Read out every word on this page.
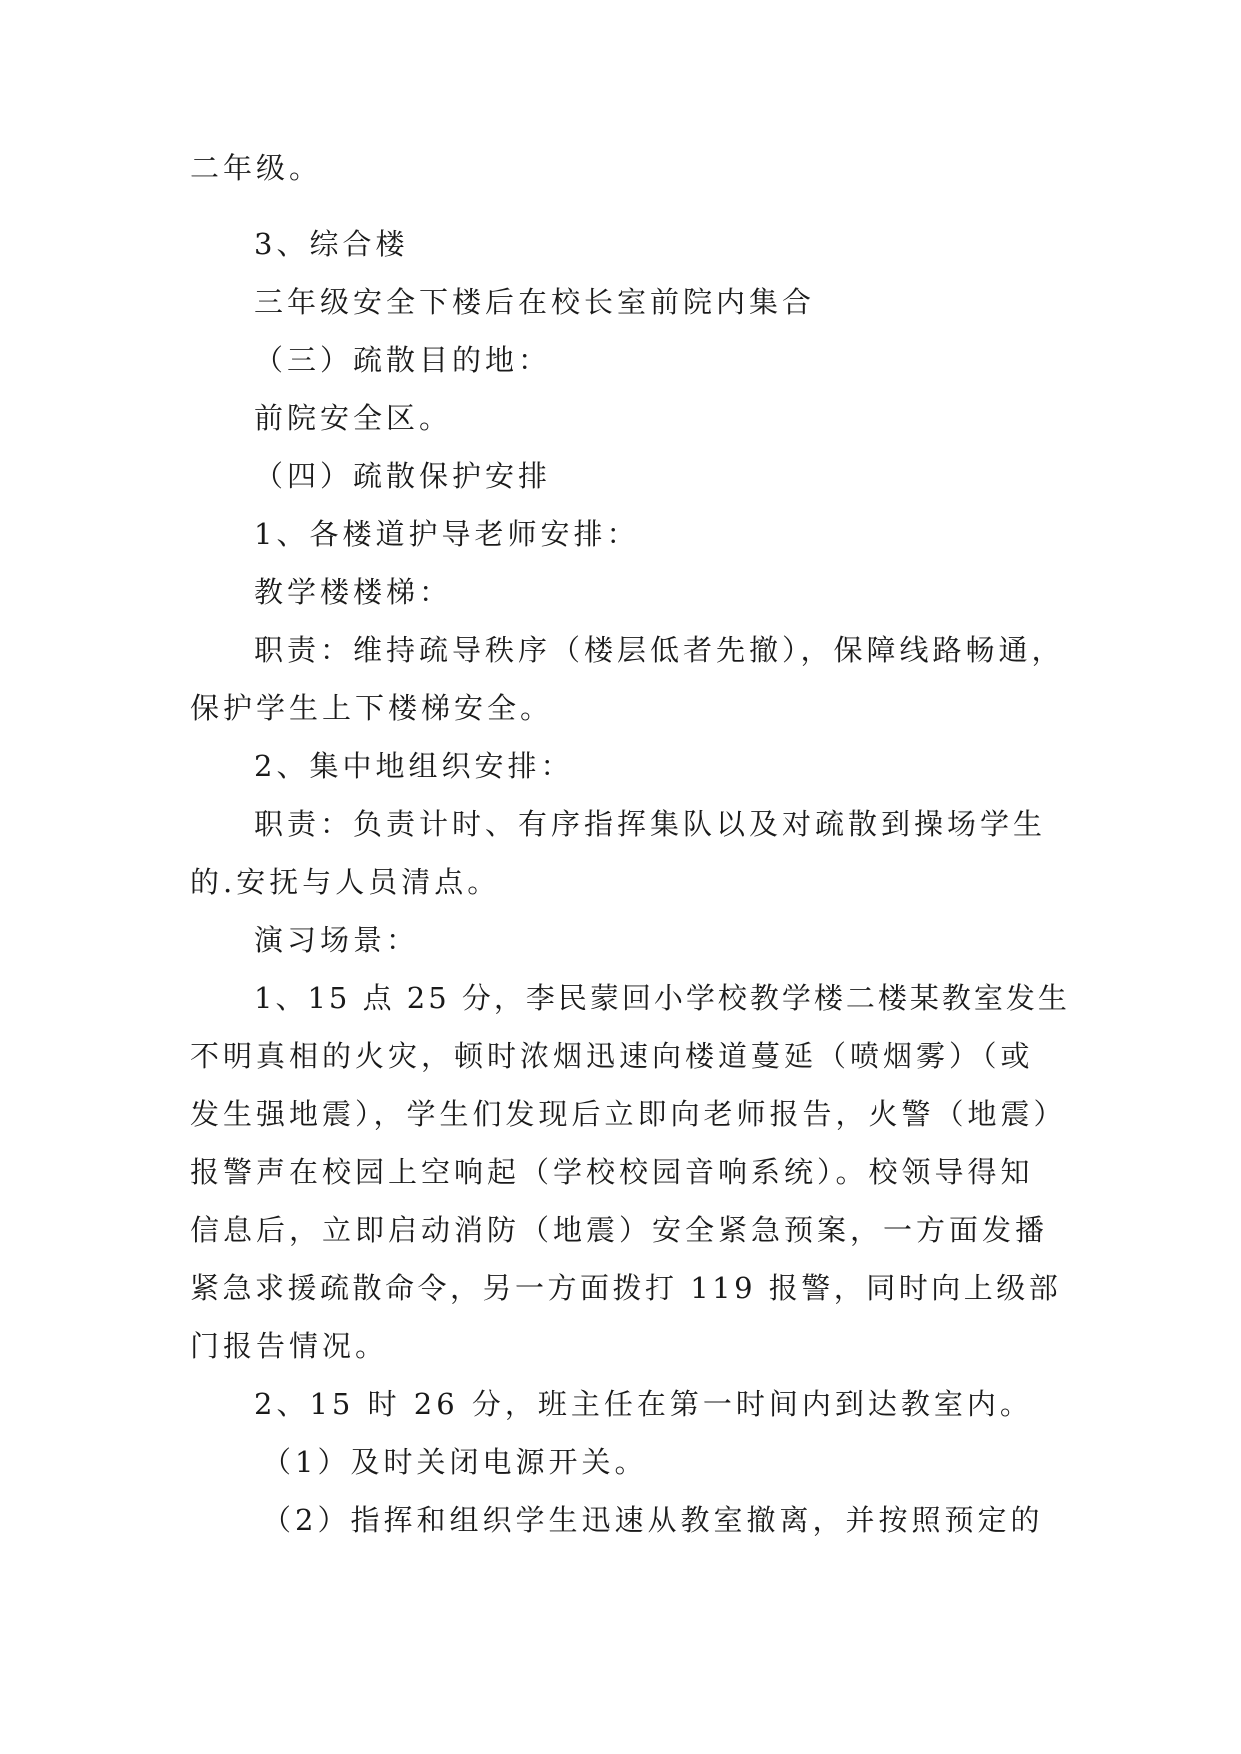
二年级。
3、综合楼
三年级安全下楼后在校长室前院内集合
（三）疏散目的地：
前院安全区。
（四）疏散保护安排
1、各楼道护导老师安排：
教学楼楼梯：
职责：维持疏导秩序（楼层低者先撤），保障线路畅通，
保护学生上下楼梯安全。
2、集中地组织安排：
职责：负责计时、有序指挥集队以及对疏散到操场学生
的.安抚与人员清点。
演习场景：
1、15 点 25 分，李民蒙回小学校教学楼二楼某教室发生
不明真相的火灾，顿时浓烟迅速向楼道蔓延（喷烟雾）（或
发生强地震），学生们发现后立即向老师报告，火警（地震）
报警声在校园上空响起（学校校园音响系统）。校领导得知
信息后，立即启动消防（地震）安全紧急预案，一方面发播
紧急求援疏散命令，另一方面拨打 119 报警，同时向上级部
门报告情况。
2、15 时 26 分，班主任在第一时间内到达教室内。
（1）及时关闭电源开关。
（2）指挥和组织学生迅速从教室撤离，并按照预定的
